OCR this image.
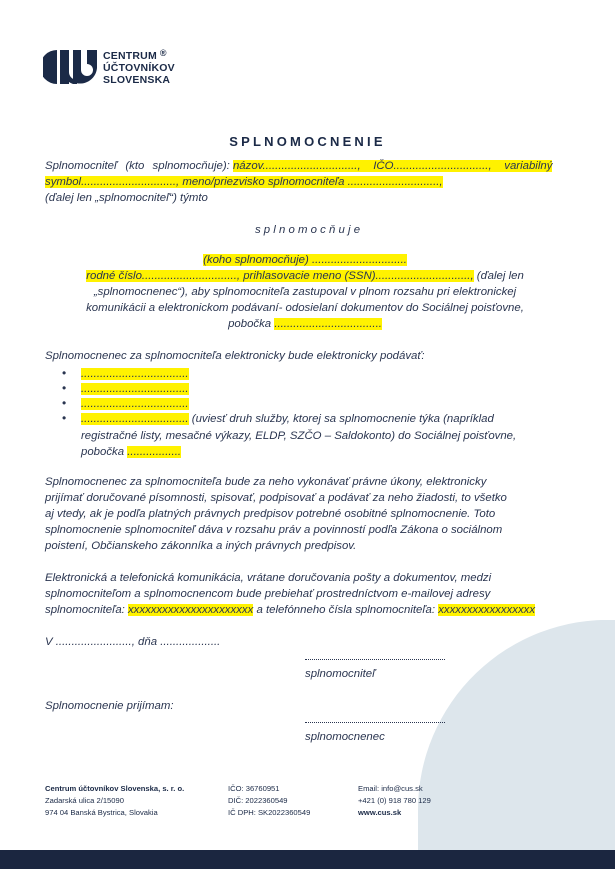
CENTRUM ®
ÚČTOVNÍKOV
SLOVENSKA
SPLNOMOCNENIE
Splnomocniteľ (kto splnomocňuje): názov..............................,    IČO..............................,    variabilný
symbol.............................., meno/priezvisko splnomocniteľa .............................,
(ďalej len „splnomocniteľ“) týmto
s p l n o m o c ň u j e
(koho splnomocňuje) ..............................
rodné číslo.............................., prihlasovacie meno (SSN).............................., (ďalej len
„splnomocnenec“), aby splnomocniteľa zastupoval v plnom rozsahu pri elektronickej
komunikácii a elektronickom podávaní- odosielaní dokumentov do Sociálnej poisťovne,
pobočka ..................................
Splnomocnenec za splnomocniteľa elektronicky bude elektronicky podávať:
• ..................................
• ..................................
• ..................................
• .................................. (uviesť druh služby, ktorej sa splnomocnenie týka (napríklad
registračné listy, mesačné výkazy, ELDP, SZČO – Saldokonto) do Sociálnej poisťovne,
pobočka .................
Splnomocnenec za splnomocniteľa bude za neho vykonávať právne úkony, elektronicky
prijímať doručované písomnosti, spisovať, podpisovať a podávať za neho žiadosti, to všetko
aj vtedy, ak je podľa platných právnych predpisov potrebné osobitné splnomocnenie. Toto
splnomocnenie splnomocniteľ dáva v rozsahu práv a povinností podľa Zákona o sociálnom
poistení, Občianskeho zákonníka a iných právnych predpisov.
Elektronická a telefonická komunikácia, vrátane doručovania pošty a dokumentov, medzi
splnomocniteľom a splnomocnencom bude prebiehať prostredníctvom e-mailovej adresy
splnomocniteľa: xxxxxxxxxxxxxxxxxxxxxx a telefónneho čísla splnomocniteľa: xxxxxxxxxxxxxxxxx
V ........................, dňa ...................
splnomocniteľ
Splnomocnenie prijímam:
splnomocnenec
Centrum účtovníkov Slovenska, s. r. o.
Zadarská ulica 2/15090
974 04 Banská Bystrica, Slovakia
IČO: 36760951
DIČ: 2022360549
IČ DPH: SK2022360549
Email: info@cus.sk
+421 (0) 918 780 129
www.cus.sk
